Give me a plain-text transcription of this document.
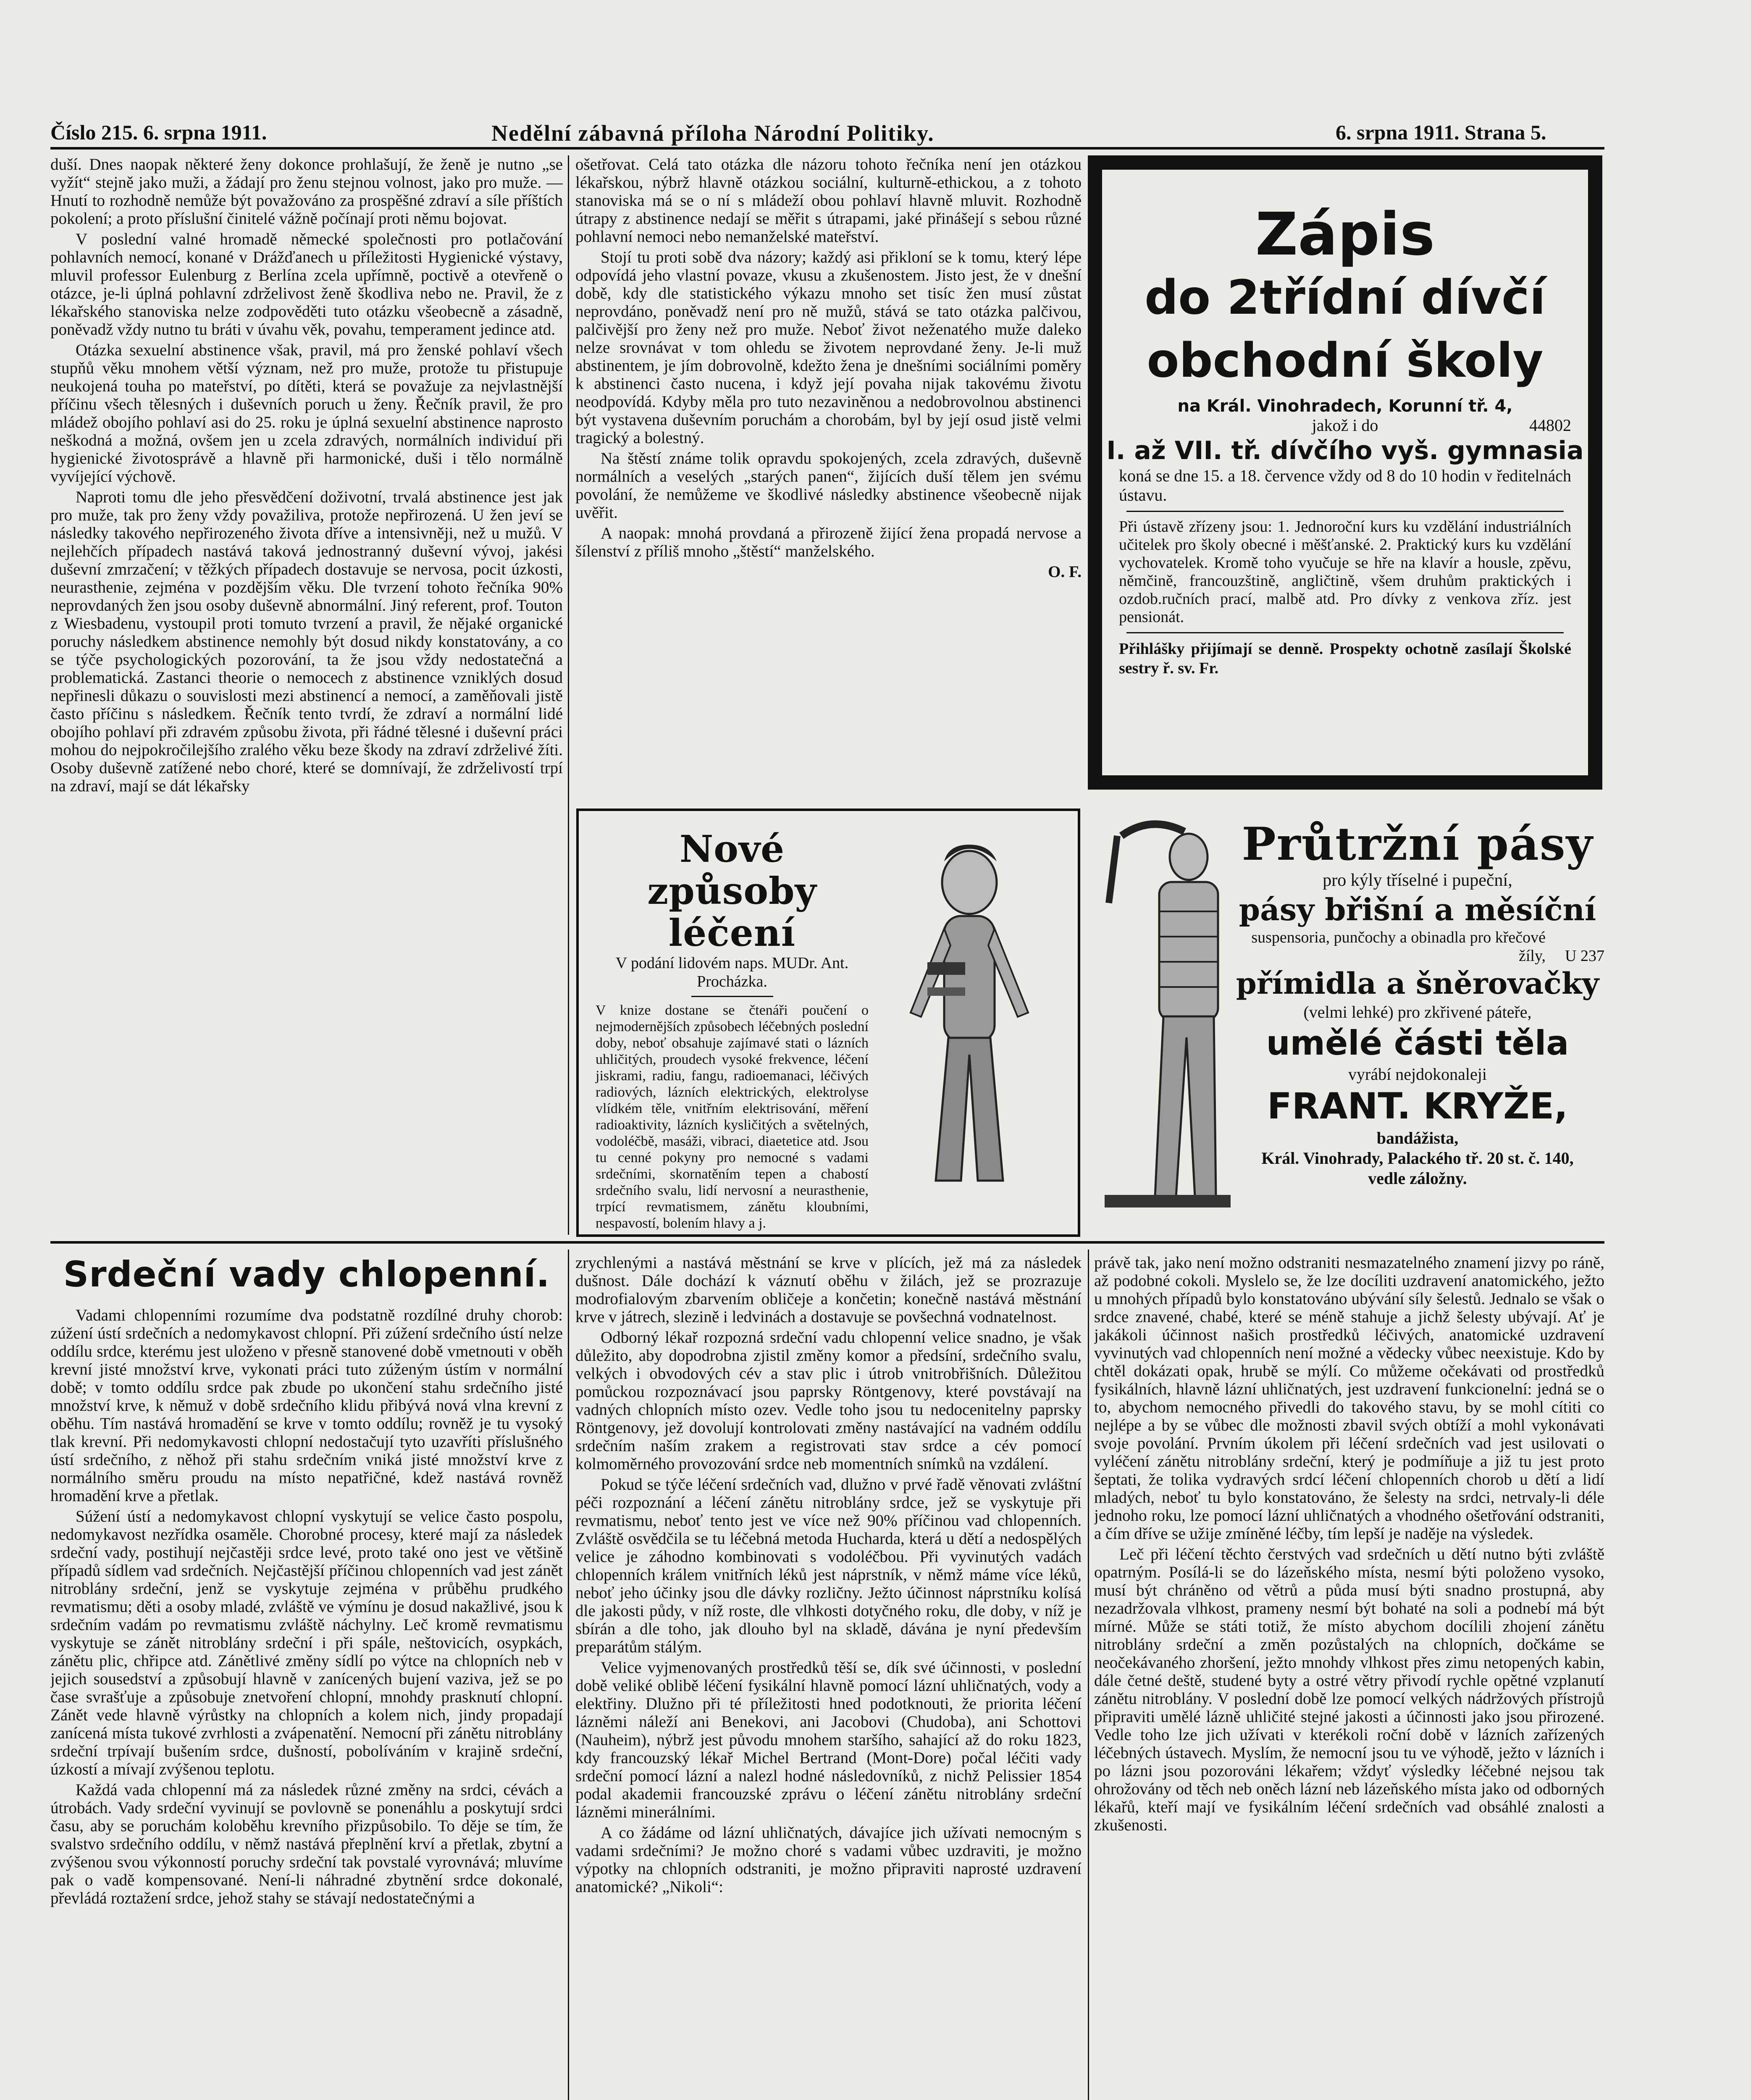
Číslo 215. 6. srpna 1911.	Nedělní zábavná příloha Národní Politiky.	6. srpna 1911. Strana 5.

duší. Dnes naopak některé ženy dokonce prohlašují, že ženě je nutno „se vyžít“ stejně jako muži, a žádají pro ženu stejnou volnost, jako pro muže. — Hnutí to rozhodně nemůže být považováno za prospěšné zdraví a síle příštích pokolení; a proto příslušní činitelé vážně počínají proti němu bojovat.

V poslední valné hromadě německé společnosti pro potlačování pohlavních nemocí, konané v Drážďanech u příležitosti Hygienické výstavy, mluvil professor Eulenburg z Berlína zcela upřímně, poctivě a otevřeně o otázce, je-li úplná pohlavní zdrželivost ženě škodliva nebo ne. Pravil, že z lékařského stanoviska nelze zodpověděti tuto otázku všeobecně a zásadně, poněvadž vždy nutno tu bráti v úvahu věk, povahu, temperament jedince atd.

Otázka sexuelní abstinence však, pravil, má pro ženské pohlaví všech stupňů věku mnohem větší význam, než pro muže, protože tu přistupuje neukojená touha po mateřství, po dítěti, která se považuje za nejvlastnější příčinu všech tělesných i duševních poruch u ženy. Řečník pravil, že pro mládež obojího pohlaví asi do 25. roku je úplná sexuelní abstinence naprosto neškodná a možná, ovšem jen u zcela zdravých, normálních individuí při hygienické životosprávě a hlavně při harmonické, duši i tělo normálně vyvíjející výchově.

Naproti tomu dle jeho přesvědčení doživotní, trvalá abstinence jest jak pro muže, tak pro ženy vždy považiliva, protože nepřirozená. U žen jeví se následky takového nepřirozeného života dříve a intensivněji, než u mužů. V nejlehčích případech nastává taková jednostranný duševní vývoj, jakési duševní zmrzačení; v těžkých případech dostavuje se nervosa, pocit úzkosti, neurasthenie, zejména v pozdějším věku. Dle tvrzení tohoto řečníka 90% neprovdaných žen jsou osoby duševně abnormální. Jiný referent, prof. Touton z Wiesbadenu, vystoupil proti tomuto tvrzení a pravil, že nějaké organické poruchy následkem abstinence nemohly být dosud nikdy konstatovány, a co se týče psychologických pozorování, ta že jsou vždy nedostatečná a problematická. Zastanci theorie o nemocech z abstinence vzniklých dosud nepřinesli důkazu o souvislosti mezi abstinencí a nemocí, a zaměňovali jistě často příčinu s následkem. Řečník tento tvrdí, že zdraví a normální lidé obojího pohlaví při zdravém způsobu života, při řádné tělesné i duševní práci mohou do nejpokročilejšího zralého věku beze škody na zdraví zdrželivé žíti. Osoby duševně zatížené nebo choré, které se domnívají, že zdrželivostí trpí na zdraví, mají se dát lékařsky

ošetřovat. Celá tato otázka dle názoru tohoto řečníka není jen otázkou lékařskou, nýbrž hlavně otázkou sociální, kulturně-ethickou, a z tohoto stanoviska má se o ní s mládeží obou pohlaví hlavně mluvit. Rozhodně útrapy z abstinence nedají se měřit s útrapami, jaké přinášejí s sebou různé pohlavní nemoci nebo nemanželské mateřství.

Stojí tu proti sobě dva názory; každý asi přikloní se k tomu, který lépe odpovídá jeho vlastní povaze, vkusu a zkušenostem. Jisto jest, že v dnešní době, kdy dle statistického výkazu mnoho set tisíc žen musí zůstat neprovdáno, poněvadž není pro ně mužů, stává se tato otázka palčivou, palčivější pro ženy než pro muže. Neboť život neženatého muže daleko nelze srovnávat v tom ohledu se životem neprovdané ženy. Je-li muž abstinentem, je jím dobrovolně, kdežto žena je dnešními sociálními poměry k abstinenci často nucena, i když její povaha nijak takovému životu neodpovídá. Kdyby měla pro tuto nezaviněnou a nedobrovolnou abstinenci být vystavena duševním poruchám a chorobám, byl by její osud jistě velmi tragický a bolestný.

Na štěstí známe tolik opravdu spokojených, zcela zdravých, duševně normálních a veselých „starých panen“, žijících duší tělem jen svému povolání, že nemůžeme ve škodlivé následky abstinence všeobecně nijak uvěřit.

A naopak: mnohá provdaná a přirozeně žijící žena propadá nervose a šílenství z příliš mnoho „štěstí“ manželského.

O. F.
Zápis
do 2třídní dívčí
obchodní školy
na Král. Vinohradech, Korunní tř. 4,
jakož i do	44802
I. až VII. tř. dívčího vyš. gymnasia
koná se dne 15. a 18. července vždy od 8 do 10 hodin v ředitelnách ústavu.
Při ústavě zřízeny jsou: 1. Jednoroční kurs ku vzdělání industriálních učitelek pro školy obecné i měšťanské. 2. Praktický kurs ku vzdělání vychovatelek. Kromě toho vyučuje se hře na klavír a housle, zpěvu, němčině, francouzštině, angličtině, všem druhům praktických i ozdob.ručních prací, malbě atd. Pro dívky z venkova zříz. jest pensionát.
Přihlášky přijímají se denně. Prospekty ochotně zasílají Školské sestry ř. sv. Fr.
Nové způsoby léčení
V podání lidovém naps. MUDr. Ant. Procházka.
V knize dostane se čtenáři poučení o nejmodernějších způsobech léčebných poslední doby, neboť obsahuje zajímavé stati o lázních uhličitých, proudech vysoké frekvence, léčení jiskrami, radiu, fangu, radioemanaci, léčivých radiových, lázních elektrických, elektrolyse vlídkém těle, vnitřním elektrisování, měření radioaktivity, lázních kysličitých a světelných, vodoléčbě, masáži, vibraci, diaetetice atd. Jsou tu cenné pokyny pro nemocné s vadami srdečními, skornatěním tepen a chabostí srdečního svalu, lidí nervosní a neurasthenie, trpící revmatismem, zánětu kloubními, nespavostí, bolením hlavy a j.
Průtržní pásy
pro kýly tříselné i pupeční,
pásy břišní a měsíční
suspensoria, punčochy a obinadla pro křečové žíly, U 237
přímidla a šněrovačky
(velmi lehké) pro zkřivené páteře,
umělé části těla
vyrábí nejdokonaleji
FRANT. KRYŽE,
bandážista,
Král. Vinohrady, Palackého tř. 20 st. č. 140, vedle záložny.
Srdeční vady chlopenní.

Vadami chlopenními rozumíme dva podstatně rozdílné druhy chorob: zúžení ústí srdečních a nedomykavost chlopní. Při zúžení srdečního ústí nelze oddílu srdce, kterému jest uloženo v přesně stanovené době vmetnouti v oběh krevní jisté množství krve, vykonati práci tuto zúženým ústím v normální době; v tomto oddílu srdce pak zbude po ukončení stahu srdečního jisté množství krve, k němuž v době srdečního klidu přibývá nová vlna krevní z oběhu. Tím nastává hromadění se krve v tomto oddílu; rovněž je tu vysoký tlak krevní. Při nedomykavosti chlopní nedostačují tyto uzavříti příslušného ústí srdečního, z něhož při stahu srdečním vniká jisté množství krve z normálního směru proudu na místo nepatřičné, kdež nastává rovněž hromadění krve a přetlak.

Súžení ústí a nedomykavost chlopní vyskytují se velice často pospolu, nedomykavost nezřídka osaměle. Chorobné procesy, které mají za následek srdeční vady, postihují nejčastěji srdce levé, proto také ono jest ve většině případů sídlem vad srdečních. Nejčastější příčinou chlopenních vad jest zánět nitroblány srdeční, jenž se vyskytuje zejména v průběhu prudkého revmatismu; děti a osoby mladé, zvláště ve výmínu je dosud nakažlivé, jsou k srdečním vadám po revmatismu zvláště náchylny. Leč kromě revmatismu vyskytuje se zánět nitroblány srdeční i při spále, neštovicích, osypkách, zánětu plic, chřipce atd. Zánětlivé změny sídlí po výtce na chlopních neb v jejich sousedství a způsobují hlavně v zanícených bujení vaziva, jež se po čase svrašťuje a způsobuje znetvoření chlopní, mnohdy prasknutí chlopní. Zánět vede hlavně výrůstky na chlopních a kolem nich, jindy propadají zanícená místa tukové zvrhlosti a zvápenatění. Nemocní při zánětu nitroblány srdeční trpívají bušením srdce, dušností, pobolíváním v krajině srdeční, úzkostí a mívají zvýšenou teplotu.

Každá vada chlopenní má za následek různé změny na srdci, cévách a útrobách. Vady srdeční vyvinují se povlovně se ponenáhlu a poskytují srdci času, aby se poruchám koloběhu krevního přizpůsobilo. To děje se tím, že svalstvo srdečního oddílu, v němž nastává přeplnění krví a přetlak, zbytní a zvýšenou svou výkonností poruchy srdeční tak povstalé vyrovnává; mluvíme pak o vadě kompensované. Není-li náhradné zbytnění srdce dokonalé, převládá roztažení srdce, jehož stahy se stávají nedostatečnými a

zrychlenými a nastává městnání se krve v plících, jež má za následek dušnost. Dále dochází k váznutí oběhu v žilách, jež se prozrazuje modrofialovým zbarvením obličeje a končetin; konečně nastává městnání krve v játrech, slezině i ledvinách a dostavuje se povšechná vodnatelnost.

Odborný lékař rozpozná srdeční vadu chlopenní velice snadno, je však důležito, aby dopodrobna zjistil změny komor a předsíní, srdečního svalu, velkých i obvodových cév a stav plic i útrob vnitrobřišních. Důležitou pomůckou rozpoznávací jsou paprsky Röntgenovy, které povstávají na vadných chlopních místo ozev. Vedle toho jsou tu nedocenitelny paprsky Röntgenovy, jež dovolují kontrolovati změny nastávající na vadném oddílu srdečním naším zrakem a registrovati stav srdce a cév pomocí kolmoměrného provozování srdce neb momentních snímků na vzdálení.

Pokud se týče léčení srdečních vad, dlužno v prvé řadě věnovati zvláštní péči rozpoznání a léčení zánětu nitroblány srdce, jež se vyskytuje při revmatismu, neboť tento jest ve více než 90% příčinou vad chlopenních. Zvláště osvědčila se tu léčebná metoda Hucharda, která u dětí a nedospělých velice je záhodno kombinovati s vodoléčbou. Při vyvinutých vadách chlopenních králem vnitřních léků jest náprstník, v němž máme více léků, neboť jeho účinky jsou dle dávky rozličny. Ježto účinnost náprstníku kolísá dle jakosti půdy, v níž roste, dle vlhkosti dotyčného roku, dle doby, v níž je sbírán a dle toho, jak dlouho byl na skladě, dávána je nyní především preparátům stálým.

Velice vyjmenovaných prostředků těší se, dík své účinnosti, v poslední době veliké oblibě léčení fysikální hlavně pomocí lázní uhličnatých, vody a elektřiny. Dlužno při té příležitosti hned podotknouti, že priorita léčení lázněmi náleží ani Benekovi, ani Jacobovi (Chudoba), ani Schottovi (Nauheim), nýbrž jest původu mnohem staršího, sahající až do roku 1823, kdy francouzský lékař Michel Bertrand (Mont-Dore) počal léčiti vady srdeční pomocí lázní a nalezl hodné následovníků, z nichž Pelissier 1854 podal akademii francouzské zprávu o léčení zánětu nitroblány srdeční lázněmi minerálními.

A co žádáme od lázní uhličnatých, dávajíce jich užívati nemocným s vadami srdečními? Je možno choré s vadami vůbec uzdraviti, je možno výpotky na chlopních odstraniti, je možno připraviti naprosté uzdravení anatomické? „Nikoli“:

právě tak, jako není možno odstraniti nesmazatelného znamení jizvy po ráně, až podobné cokoli. Myslelo se, že lze docíliti uzdravení anatomického, ježto u mnohých případů bylo konstatováno ubývání síly šelestů. Jednalo se však o srdce znavené, chabé, které se méně stahuje a jichž šelesty ubývají. Ať je jakákoli účinnost našich prostředků léčivých, anatomické uzdravení vyvinutých vad chlopenních není možné a vědecky vůbec neexistuje. Kdo by chtěl dokázati opak, hrubě se mýlí. Co můžeme očekávati od prostředků fysikálních, hlavně lázní uhličnatých, jest uzdravení funkcionelní: jedná se o to, abychom nemocného přivedli do takového stavu, by se mohl cítiti co nejlépe a by se vůbec dle možnosti zbavil svých obtíží a mohl vykonávati svoje povolání. Prvním úkolem při léčení srdečních vad jest usilovati o vyléčení zánětu nitroblány srdeční, který je podmíňuje a již tu jest proto šeptati, že tolika vydravých srdcí léčení chlopenních chorob u dětí a lidí mladých, neboť tu bylo konstatováno, že šelesty na srdci, netrvaly-li déle jednoho roku, lze pomocí lázní uhličnatých a vhodného ošetřování odstraniti, a čím dříve se užije zmíněné léčby, tím lepší je naděje na výsledek.

Leč při léčení těchto čerstvých vad srdečních u dětí nutno býti zvláště opatrným. Posílá-li se do lázeňského místa, nesmí býti položeno vysoko, musí být chráněno od větrů a půda musí býti snadno prostupná, aby nezadržovala vlhkost, prameny nesmí být bohaté na soli a podnebí má být mírné. Může se státi totiž, že místo abychom docílili zhojení zánětu nitroblány srdeční a změn pozůstalých na chlopních, dočkáme se neočekávaného zhoršení, ježto mnohdy vlhkost přes zimu netopených kabin, dále četné deště, studené byty a ostré větry přivodí rychle opětné vzplanutí zánětu nitroblány. V poslední době lze pomocí velkých nádržových přístrojů připraviti umělé lázně uhličité stejné jakosti a účinnosti jako jsou přirozené. Vedle toho lze jich užívati v kterékoli roční době v lázních zařízených léčebných ústavech. Myslím, že nemocní jsou tu ve výhodě, ježto v lázních i po lázni jsou pozorováni lékařem; vždyť výsledky léčebné nejsou tak ohrožovány od těch neb oněch lázní neb lázeňského místa jako od odborných lékařů, kteří mají ve fysikálním léčení srdečních vad obsáhlé znalosti a zkušenosti.
